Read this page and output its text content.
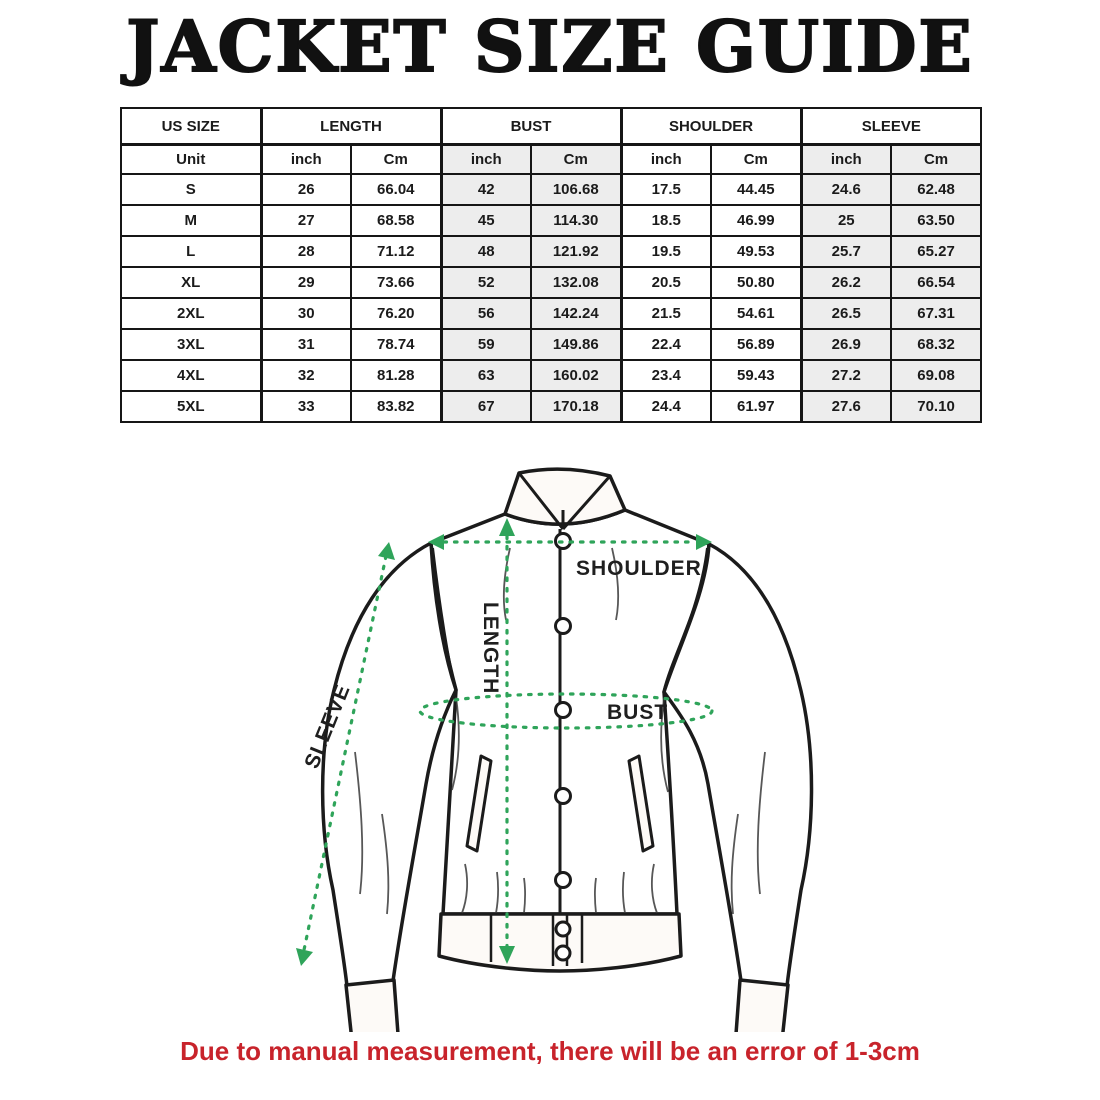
JACKET SIZE GUIDE
US SIZE	LENGTH		BUST		SHOULDER		SLEEVE	
Unit	inch	Cm	inch	Cm	inch	Cm	inch	Cm
S	26	66.04	42	106.68	17.5	44.45	24.6	62.48
M	27	68.58	45	114.30	18.5	46.99	25	63.50
L	28	71.12	48	121.92	19.5	49.53	25.7	65.27
XL	29	73.66	52	132.08	20.5	50.80	26.2	66.54
2XL	30	76.20	56	142.24	21.5	54.61	26.5	67.31
3XL	31	78.74	59	149.86	22.4	56.89	26.9	68.32
4XL	32	81.28	63	160.02	23.4	59.43	27.2	69.08
5XL	33	83.82	67	170.18	24.4	61.97	27.6	70.10
SHOULDER
BUST
LENGTH
SLEEVE
Due to manual measurement, there will be an error of 1-3cm
